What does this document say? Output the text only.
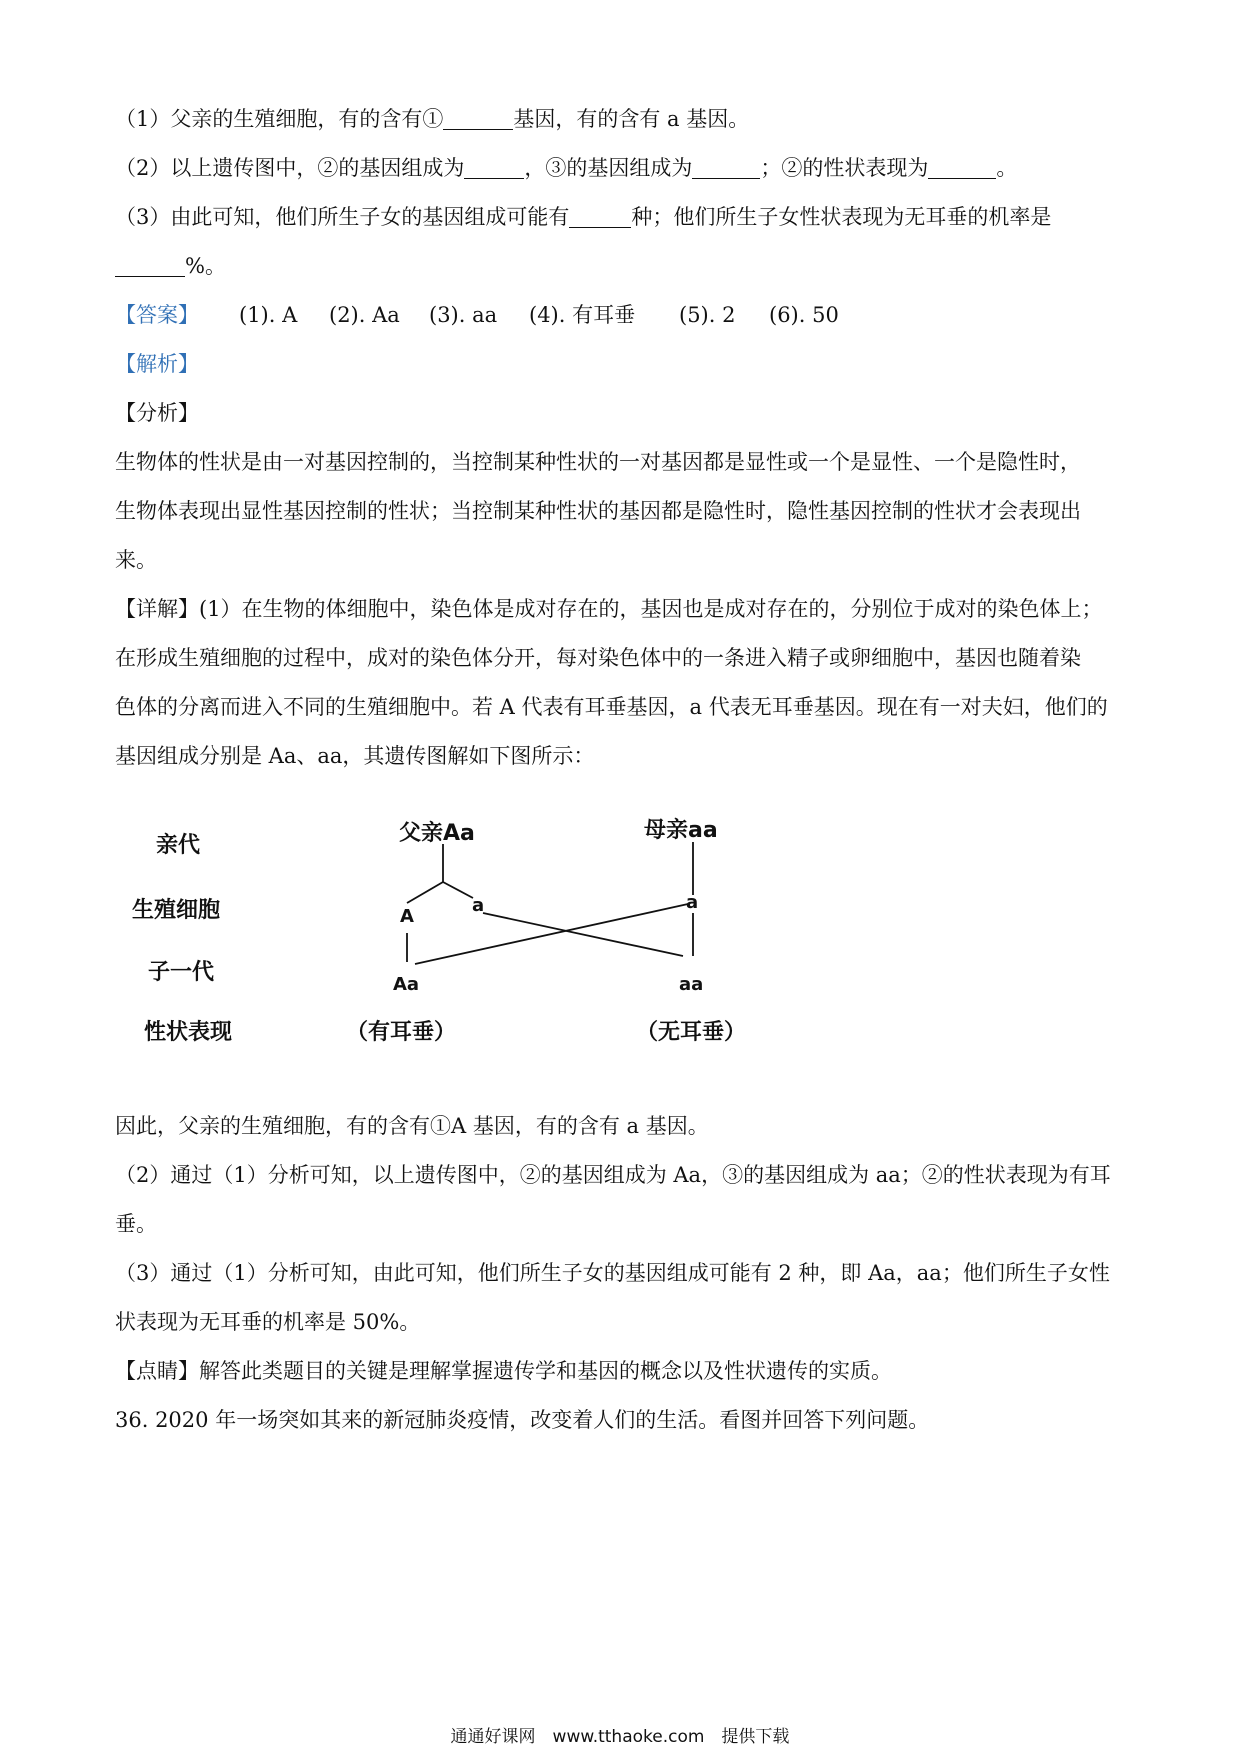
（1）父亲的生殖细胞，有的含有①	基因，有的含有 a 基因。
（2）以上遗传图中，②的基因组成为	，③的基因组成为	；②的性状表现为	。
（3）由此可知，他们所生子女的基因组成可能有	种；他们所生子女性状表现为无耳垂的机率是
%。
【答案】 (1). A (2). Aa (3). aa (4). 有耳垂 (5). 2 (6). 50
【解析】
【分析】
生物体的性状是由一对基因控制的，当控制某种性状的一对基因都是显性或一个是显性、一个是隐性时，
生物体表现出显性基因控制的性状；当控制某种性状的基因都是隐性时，隐性基因控制的性状才会表现出
来。
【详解】(1）在生物的体细胞中，染色体是成对存在的，基因也是成对存在的，分别位于成对的染色体上；
在形成生殖细胞的过程中，成对的染色体分开，每对染色体中的一条进入精子或卵细胞中，基因也随着染
色体的分离而进入不同的生殖细胞中。若 A 代表有耳垂基因，a 代表无耳垂基因。现在有一对夫妇，他们的
基因组成分别是 Aa、aa，其遗传图解如下图所示：
亲代
生殖细胞
子一代
性状表现
父亲Aa	母亲aa
A
a	a
Aa	aa
（有耳垂）	（无耳垂）
因此，父亲的生殖细胞，有的含有①A 基因，有的含有 a 基因。
（2）通过（1）分析可知，以上遗传图中，②的基因组成为 Aa，③的基因组成为 aa；②的性状表现为有耳
垂。
（3）通过（1）分析可知，由此可知，他们所生子女的基因组成可能有 2 种，即 Aa，aa；他们所生子女性
状表现为无耳垂的机率是 50%。
【点睛】解答此类题目的关键是理解掌握遗传学和基因的概念以及性状遗传的实质。
36. 2020 年一场突如其来的新冠肺炎疫情，改变着人们的生活。看图并回答下列问题。
通通好课网　www.tthaoke.com　提供下载
